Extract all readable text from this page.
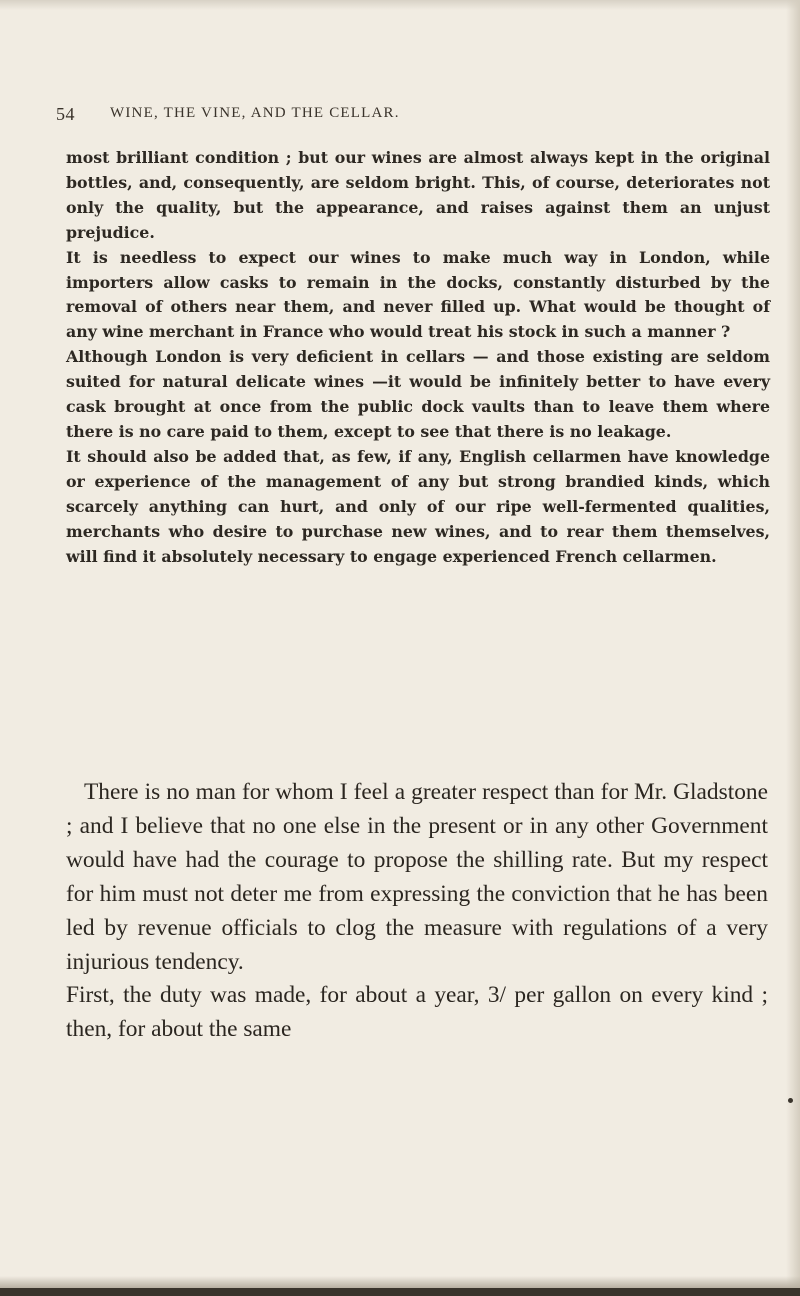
54 WINE, THE VINE, AND THE CELLAR.

most brilliant condition ; but our wines are almost always kept in the original bottles, and, consequently, are seldom bright. This, of course, deteriorates not only the quality, but the appearance, and raises against them an unjust prejudice.

It is needless to expect our wines to make much way in London, while importers allow casks to remain in the docks, constantly disturbed by the removal of others near them, and never filled up. What would be thought of any wine merchant in France who would treat his stock in such a manner ?

Although London is very deficient in cellars — and those existing are seldom suited for natural delicate wines —it would be infinitely better to have every cask brought at once from the public dock vaults than to leave them where there is no care paid to them, except to see that there is no leakage.

It should also be added that, as few, if any, English cellarmen have knowledge or experience of the management of any but strong brandied kinds, which scarcely anything can hurt, and only of our ripe well-fermented qualities, merchants who desire to purchase new wines, and to rear them themselves, will find it absolutely necessary to engage experienced French cellarmen.

There is no man for whom I feel a greater respect than for Mr. Gladstone ; and I believe that no one else in the present or in any other Government would have had the courage to propose the shilling rate. But my respect for him must not deter me from expressing the conviction that he has been led by revenue officials to clog the measure with regulations of a very injurious tendency.

First, the duty was made, for about a year, 3/ per gallon on every kind ; then, for about the same
